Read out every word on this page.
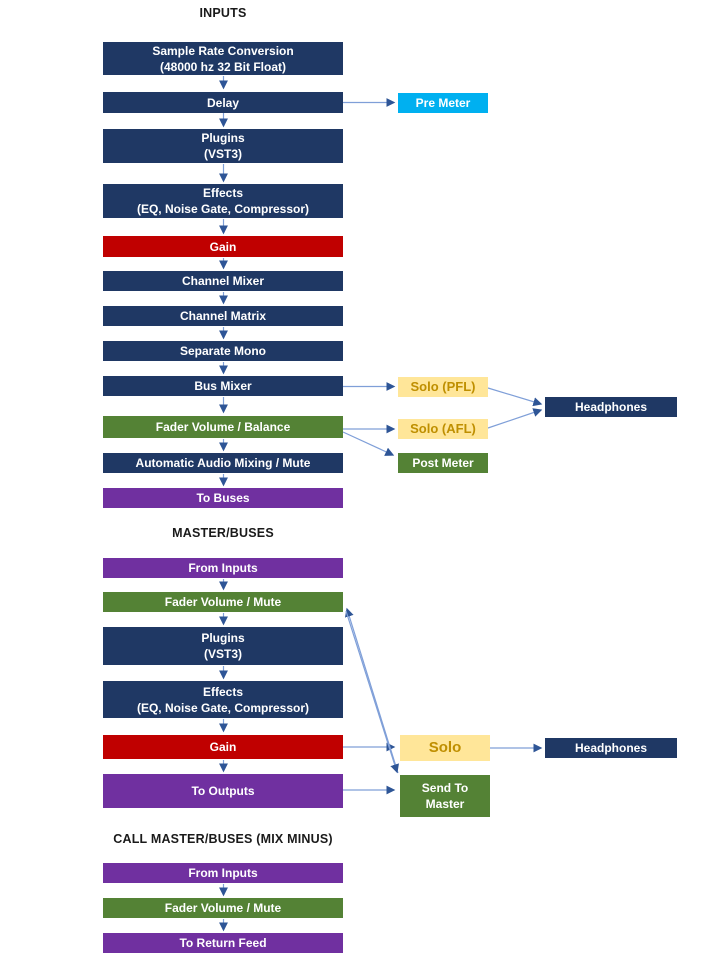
INPUTS
Sample Rate Conversion
(48000 hz 32 Bit Float)
Delay	Pre Meter
Plugins
(VST3)
Effects
(EQ, Noise Gate, Compressor)
Gain
Channel Mixer
Channel Matrix
Separate Mono
Bus Mixer	Solo (PFL)
Headphones
Fader Volume / Balance	Solo (AFL)
Automatic Audio Mixing / Mute	Post Meter
To Buses
MASTER/BUSES
From Inputs
Fader Volume / Mute
Plugins
(VST3)
Effects
(EQ, Noise Gate, Compressor)
Gain	Solo	Headphones
To Outputs	Send To
Master
CALL MASTER/BUSES (MIX MINUS)
From Inputs
Fader Volume / Mute
To Return Feed
